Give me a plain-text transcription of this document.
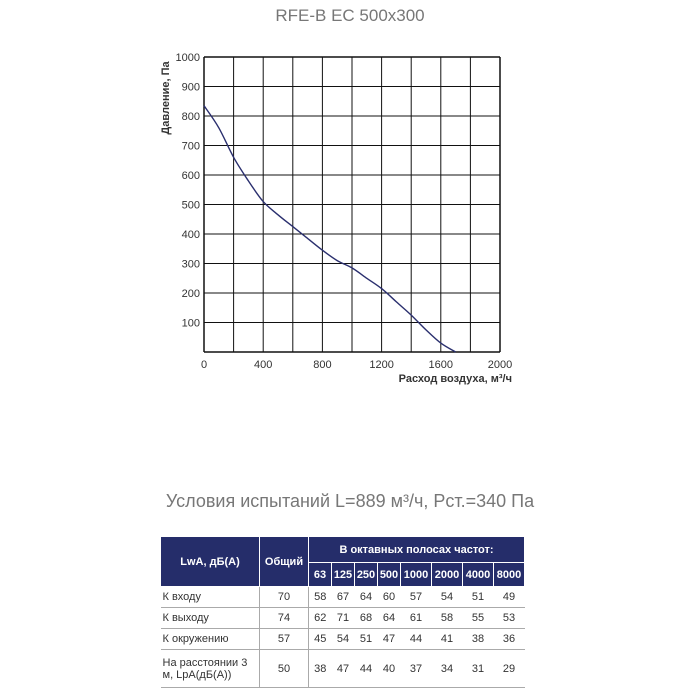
RFE-B EC 500x300
100
200
300
400
500
600
700
800
900
1000
0	400	800	1200	1600	2000
Давление, Па
Расход воздуха, м³/ч
Условия испытаний L=889 м³/ч, Рст.=340 Па
LwA, дБ(А)	Общий	В октавных полосах частот:							
		63	125	250	500	1000	2000	4000	8000
К входу	70	58	67	64	60	57	54	51	49
К выходу	74	62	71	68	64	61	58	55	53
К окружению	57	45	54	51	47	44	41	38	36
На расстоянии 3 м, LpA(дБ(А))	50	38	47	44	40	37	34	31	29
